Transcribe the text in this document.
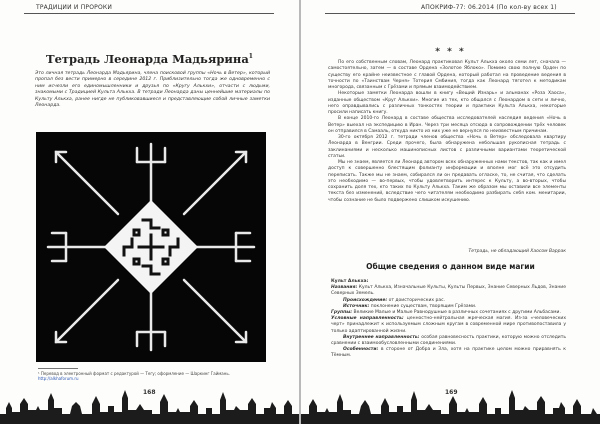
ТРАДИЦИИ И ПРОРОКИ
Тетрадь Леонарда Мадьярина$^1$
Это личная тетрадь Леонарда Мадьярина, члена поисковой группы «Ночь в Ветер», который пропал без вести примерно в середине 2012 г. Приблизительно тогда же одновременно с ним исчезли его единомышленники и друзья по «Кругу Алькхи», отчасти с людьми, знакомыми с Традицией Культа Алькха. В тетради Леонарда даны ценнейшие материалы по Культу Алькха, ранее нигде не публиковавшиеся и представляющие собой личные заметки Леонарда.
¹ Перевод в электронный формат с редактурой — Тегу; оформление — Шаркинг Гаймань.
http://alkhaforum.ru
168
АПОКРИФ-77: 06.2014 (По кол-ву всех 1)
* * *

По его собственным словам, Леонард практиковал Культ Алькха около семи лет, сначала — самостоятельно, затем — в составе Ордена «Золотое Яблоко». Помимо свою полную Орден по существу его крайне неизвестное с главой Ордена, который работал на проведение ведения в точности по «Таинствам Черня» Тотерия Смбиния, тогда как Леонард тяготел к методикам многорода, связанным с Грёзами и прямым взаимодействием.

Некоторые заметки Леонарда вошли в книгу «Вещий Изнарь» и альманах «Роза Хаоса», изданные обществом «Круг Алькхи». Многие из тех, кто общался с Леонардом в сети и лично, него оправдывались с различных тонкостях теории и практики Культа Алькха, некоторые просили написать книгу.

В конце 2010-го Леонард в составе общества исследователей наследия ведения «Ночь в Ветер» выехал на экспедицию в Иран. Через три месяца отсюда в сопровождении трёх человек он отправился в Самааль, откуда никто из них уже не вернулся по неизвестным причинам.

30-го октября 2012 г. тетради членов общества «Ночь в Ветер» обследовала квартиру Леонарда в Венгрии. Среди прочего, была обнаружена небольшая рукописная тетрадь с заклинаниями и несколько машинописных листов с различными вариантами теоретической статьи.

Мы не знаем, является ли Леонард автором всех обнаруженных нами текстов, так как и имел доступ к совершенно блестящим фолианту информации и вполне мог всё это отсудить переписать. Также мы не знаем, собирался ли он предавать огласке, то, не считая, что сделать это необходимо — во-первых, чтобы удовлетворить интерес к Культу, а во-вторых, чтобы сохранить доля тех, кто таких по Культу Алькха. Таким же образом мы оставили все элементы текста без изменений, вследствие чего читателям необходимо разбирать себя ком. менитарии, чтобы сознание не было подвержено слишком искушению.

Тетрадь, не обладающий Хаосом Варрак
Общие сведения о данном виде магии

Культ Алькха:

Названия: Культ Алькха, Изначальные Культы, Культы Первых, Знание Северных Льдов, Знание Северных Земель.

Происхождение: от доисторических рас.

Источник: поклонение существам, творящим Грёзами.

Группы: Великие Малые и Малые Равнодушные в различных сочетаниях с другими Альбасами.

Условные направленность: ценностно-нейтральная жреческая магия. Из-за «человеческих черт» принадлежит к используемым сложным кругам в современной мире противопоставила у только адаптированной жизни.

Внутреннее направленность: особая равновесность практики, которую можно отследить сравнении с взаимообусловленными соединениями.

Особенности: в стороне от Добра и Зла, хотя на практике целом можно приравнять к Тёмным.

169
